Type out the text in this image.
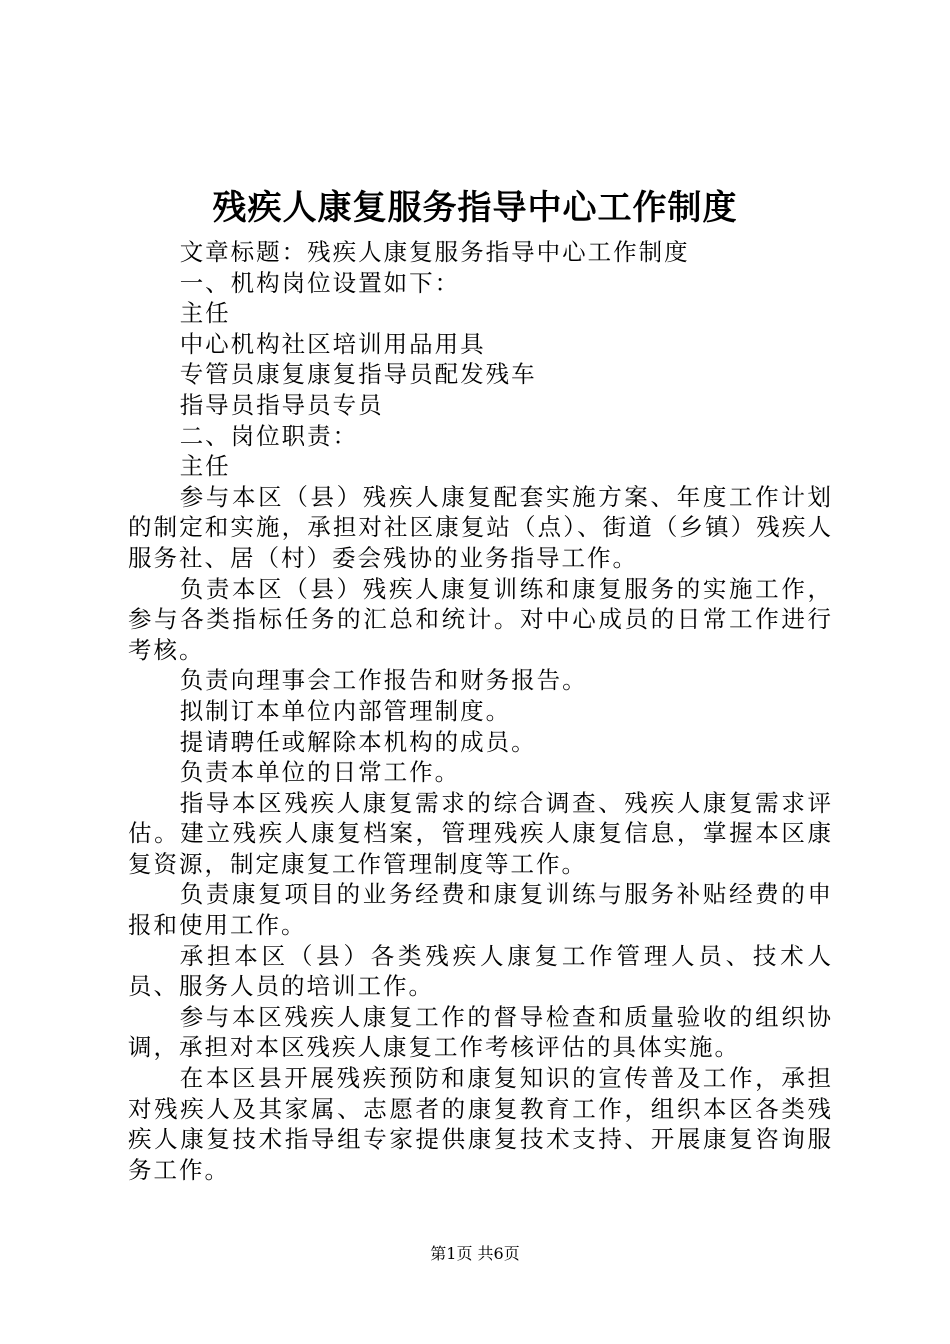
残疾人康复服务指导中心工作制度

文章标题：残疾人康复服务指导中心工作制度

一、机构岗位设置如下：

主任

中心机构社区培训用品用具

专管员康复康复指导员配发残车

指导员指导员专员

二、岗位职责：

主任

参与本区（县）残疾人康复配套实施方案、年度工作计划的制定和实施，承担对社区康复站（点）、街道（乡镇）残疾人服务社、居（村）委会残协的业务指导工作。

负责本区（县）残疾人康复训练和康复服务的实施工作，参与各类指标任务的汇总和统计。对中心成员的日常工作进行考核。

负责向理事会工作报告和财务报告。

拟制订本单位内部管理制度。

提请聘任或解除本机构的成员。

负责本单位的日常工作。

指导本区残疾人康复需求的综合调查、残疾人康复需求评估。建立残疾人康复档案，管理残疾人康复信息，掌握本区康复资源，制定康复工作管理制度等工作。

负责康复项目的业务经费和康复训练与服务补贴经费的申报和使用工作。

承担本区（县）各类残疾人康复工作管理人员、技术人员、服务人员的培训工作。

参与本区残疾人康复工作的督导检查和质量验收的组织协调，承担对本区残疾人康复工作考核评估的具体实施。

在本区县开展残疾预防和康复知识的宣传普及工作，承担对残疾人及其家属、志愿者的康复教育工作，组织本区各类残疾人康复技术指导组专家提供康复技术支持、开展康复咨询服务工作。

第1页 共6页
